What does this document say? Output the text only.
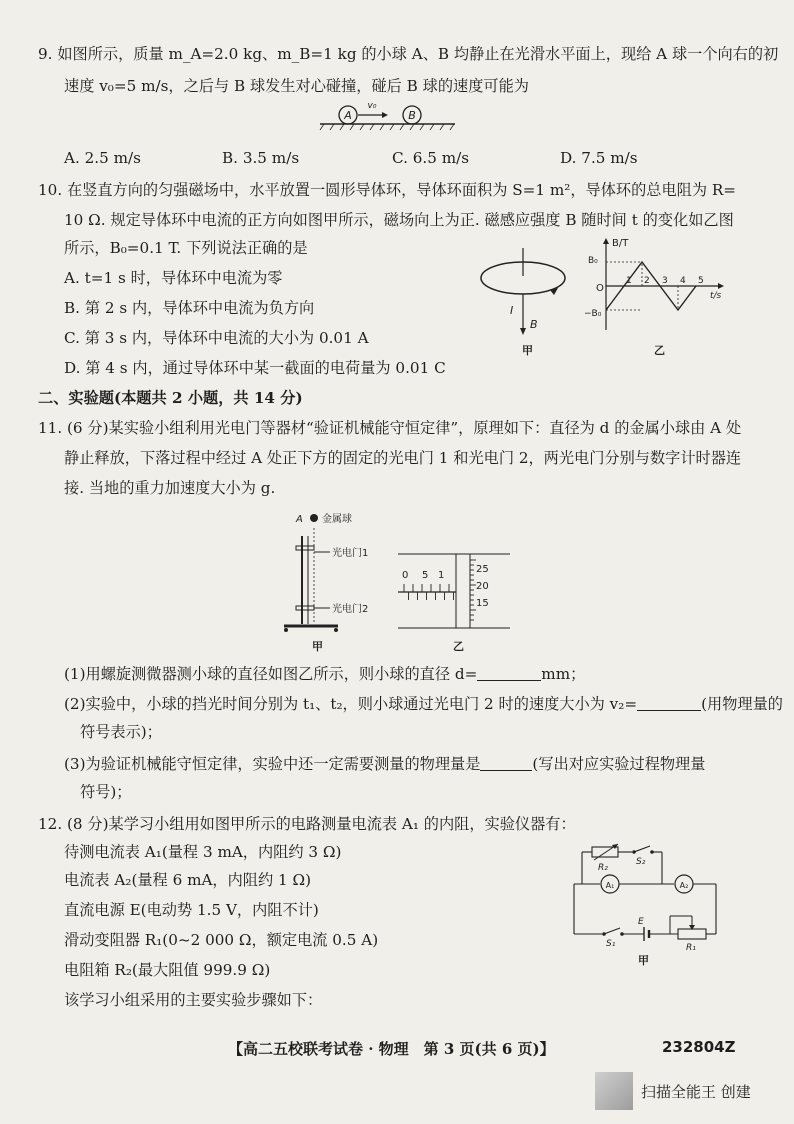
9. 如图所示，质量 m_A=2.0 kg、m_B=1 kg 的小球 A、B 均静止在光滑水平面上，现给 A 球一个向右的初
速度 v₀=5 m/s，之后与 B 球发生对心碰撞，碰后 B 球的速度可能为
A
v₀
B
A. 2.5 m/s	B. 3.5 m/s	C. 6.5 m/s	D. 7.5 m/s
10. 在竖直方向的匀强磁场中，水平放置一圆形导体环，导体环面积为 S=1 m²，导体环的总电阻为 R=
10 Ω. 规定导体环中电流的正方向如图甲所示，磁场向上为正. 磁感应强度 B 随时间 t 的变化如乙图
所示，B₀=0.1 T. 下列说法正确的是
A. t=1 s 时，导体环中电流为零
B. 第 2 s 内，导体环中电流为负方向
C. 第 3 s 内，导体环中电流的大小为 0.01 A
D. 第 4 s 内，通过导体环中某一截面的电荷量为 0.01 C
I
B
甲
B/T
t/s
O
B₀
−B₀
1 2 3 4 5
乙
二、实验题(本题共 2 小题，共 14 分)
11. (6 分)某实验小组利用光电门等器材“验证机械能守恒定律”，原理如下：直径为 d 的金属小球由 A 处
静止释放，下落过程中经过 A 处正下方的固定的光电门 1 和光电门 2，两光电门分别与数字计时器连
接. 当地的重力加速度大小为 g.
A 金属球
光电门1
光电门2
甲
0 5 1
25
20
15
乙
(1)用螺旋测微器测小球的直径如图乙所示，则小球的直径 d=	mm；
(2)实验中，小球的挡光时间分别为 t₁、t₂，则小球通过光电门 2 时的速度大小为 v₂=	(用物理量的
符号表示)；
(3)为验证机械能守恒定律，实验中还一定需要测量的物理量是	(写出对应实验过程物理量
符号)；
12. (8 分)某学习小组用如图甲所示的电路测量电流表 A₁ 的内阻，实验仪器有：
待测电流表 A₁(量程 3 mA，内阻约 3 Ω)
电流表 A₂(量程 6 mA，内阻约 1 Ω)
直流电源 E(电动势 1.5 V，内阻不计)
滑动变阻器 R₁(0~2 000 Ω，额定电流 0.5 A)
电阻箱 R₂(最大阻值 999.9 Ω)
该学习小组采用的主要实验步骤如下：
R₂
S₂
A₁	A₂
S₁
E
R₁
甲
【高二五校联考试卷 · 物理　第 3 页(共 6 页)】	232804Z
扫描全能王 创建
